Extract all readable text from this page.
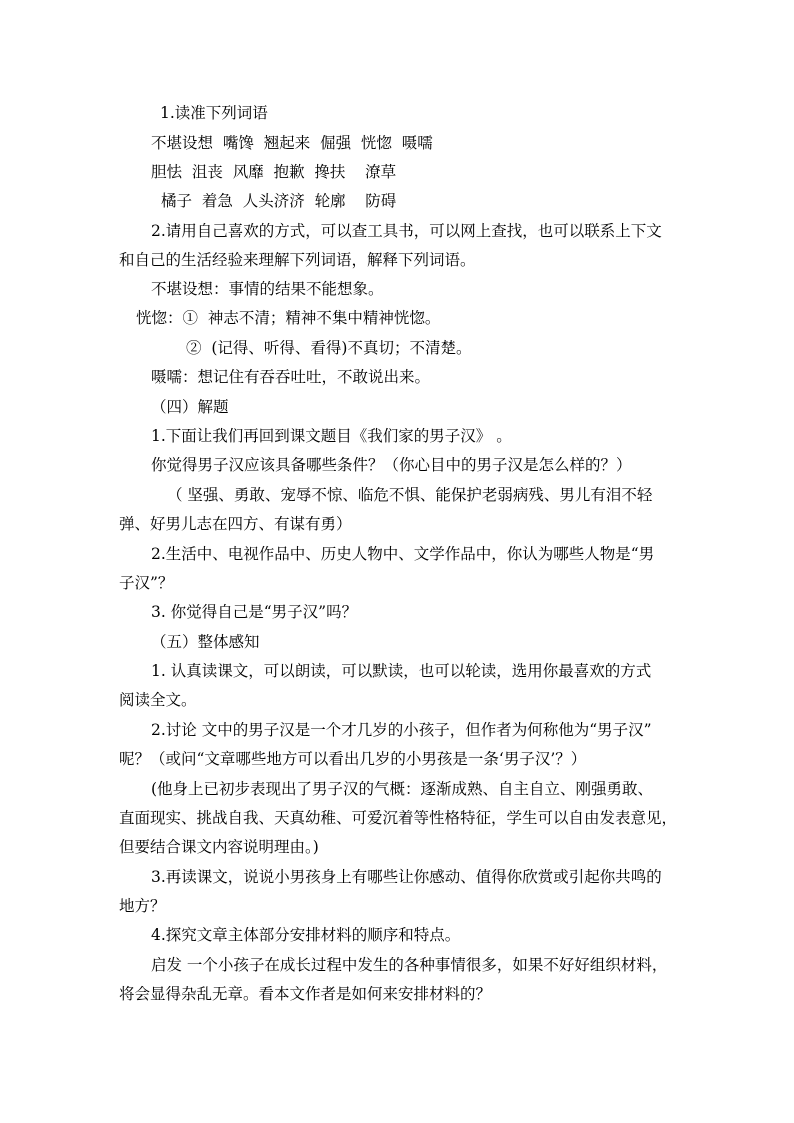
1.读准下列词语
不堪设想  嘴馋  翘起来  倔强  恍惚  嗫嚅
胆怯  沮丧  风靡  抱歉  搀扶    潦草
橘子  着急  人头济济  轮廓    防碍
2.请用自己喜欢的方式，可以查工具书，可以网上查找，也可以联系上下文
和自己的生活经验来理解下列词语，解释下列词语。
不堪设想：事情的结果不能想象。
恍惚：①  神志不清；精神不集中精神恍惚。
②  (记得、听得、看得)不真切；不清楚。
嗫嚅：想记住有吞吞吐吐，不敢说出来。
（四）解题
1.下面让我们再回到课文题目《我们家的男子汉》 。
你觉得男子汉应该具备哪些条件？（你心目中的男子汉是怎么样的？）
（ 坚强、勇敢、宠辱不惊、临危不惧、能保护老弱病残、男儿有泪不轻
弹、好男儿志在四方、有谋有勇）
2.生活中、电视作品中、历史人物中、文学作品中，你认为哪些人物是“男
子汉”？
3. 你觉得自己是“男子汉”吗？
（五）整体感知
1. 认真读课文，可以朗读，可以默读，也可以轮读，选用你最喜欢的方式
阅读全文。
2.讨论 文中的男子汉是一个才几岁的小孩子，但作者为何称他为“男子汉”
呢？（或问“文章哪些地方可以看出几岁的小男孩是一条‘男子汉’？）
(他身上已初步表现出了男子汉的气概：逐渐成熟、自主自立、刚强勇敢、
直面现实、挑战自我、天真幼稚、可爱沉着等性格特征，学生可以自由发表意见，
但要结合课文内容说明理由。)
3.再读课文，说说小男孩身上有哪些让你感动、值得你欣赏或引起你共鸣的
地方？
4.探究文章主体部分安排材料的顺序和特点。
启发 一个小孩子在成长过程中发生的各种事情很多，如果不好好组织材料，
将会显得杂乱无章。看本文作者是如何来安排材料的？
